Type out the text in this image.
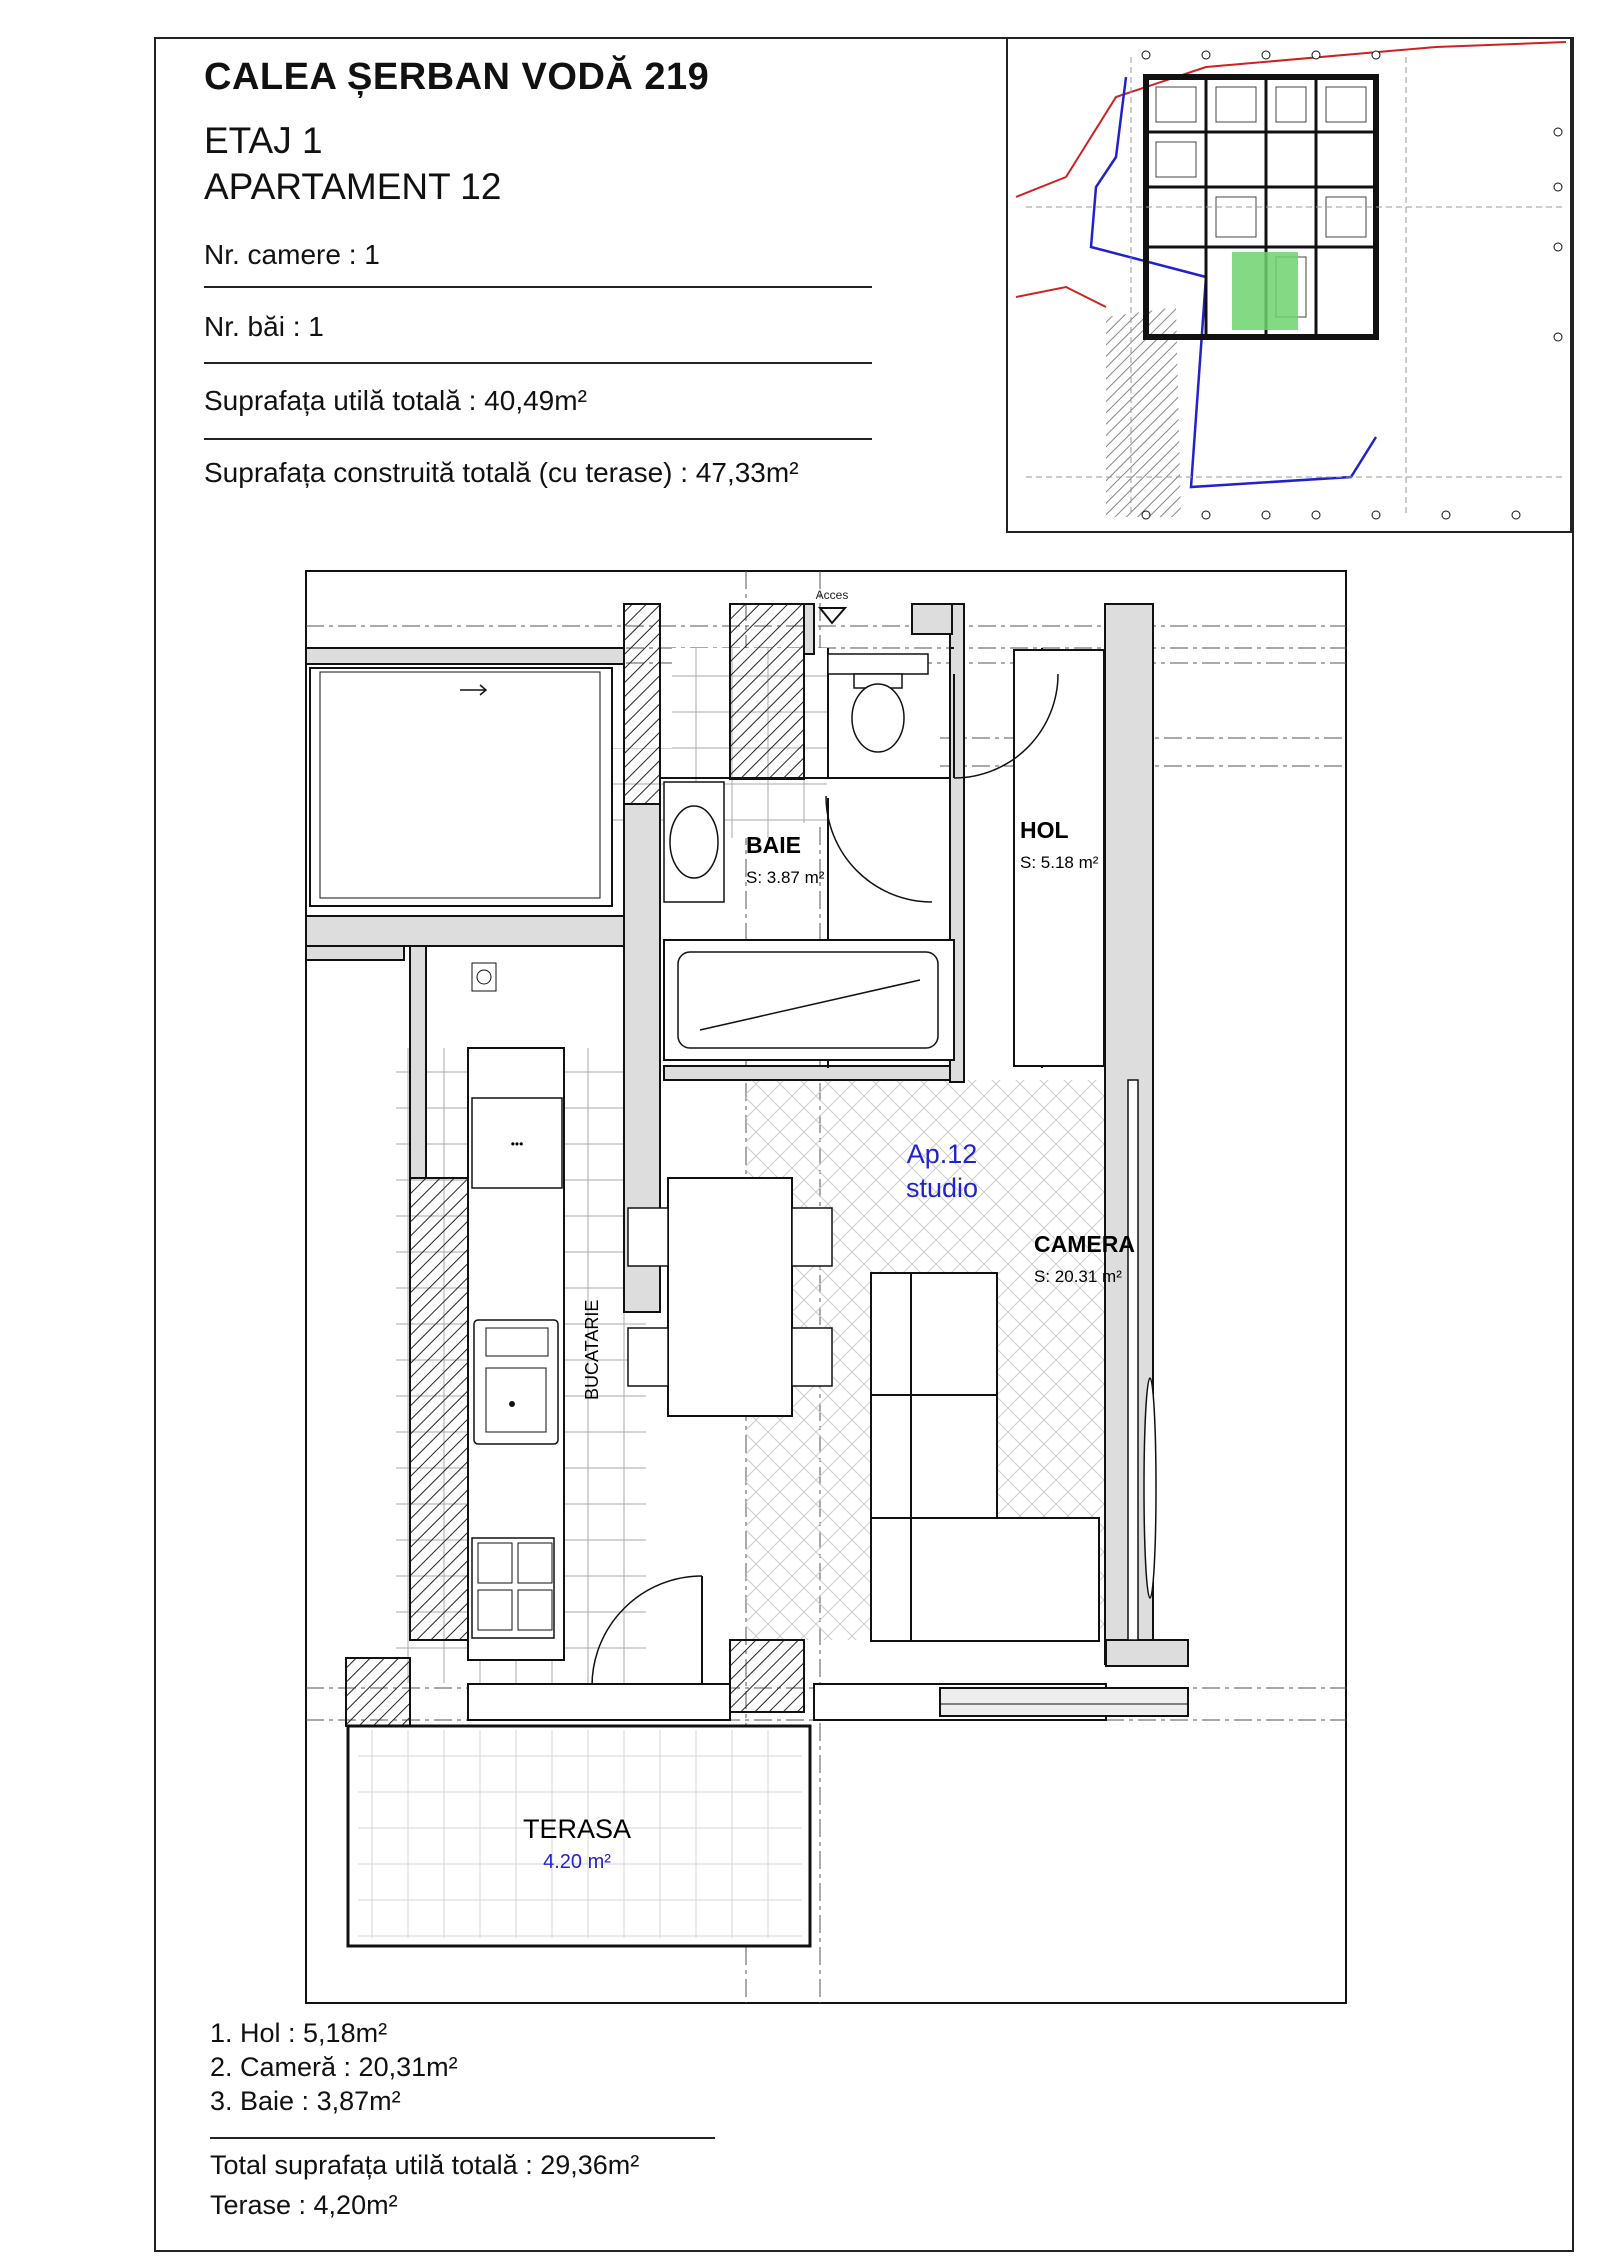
CALEA ȘERBAN VODĂ 219
ETAJ 1
APARTAMENT 12
Nr. camere : 1
Nr. băi : 1
Suprafața utilă totală : 40,49m²
Suprafața construită totală (cu terase) : 47,33m²
Acces
•••
BAIE
S: 3.87 m²
HOL
S: 5.18 m²
Ap.12
studio
CAMERA
S: 20.31 m²
BUCATARIE
TERASA
4.20 m²
1. Hol : 5,18m²
2. Cameră : 20,31m²
3. Baie : 3,87m²
Total suprafața utilă totală : 29,36m²
Terase : 4,20m²
